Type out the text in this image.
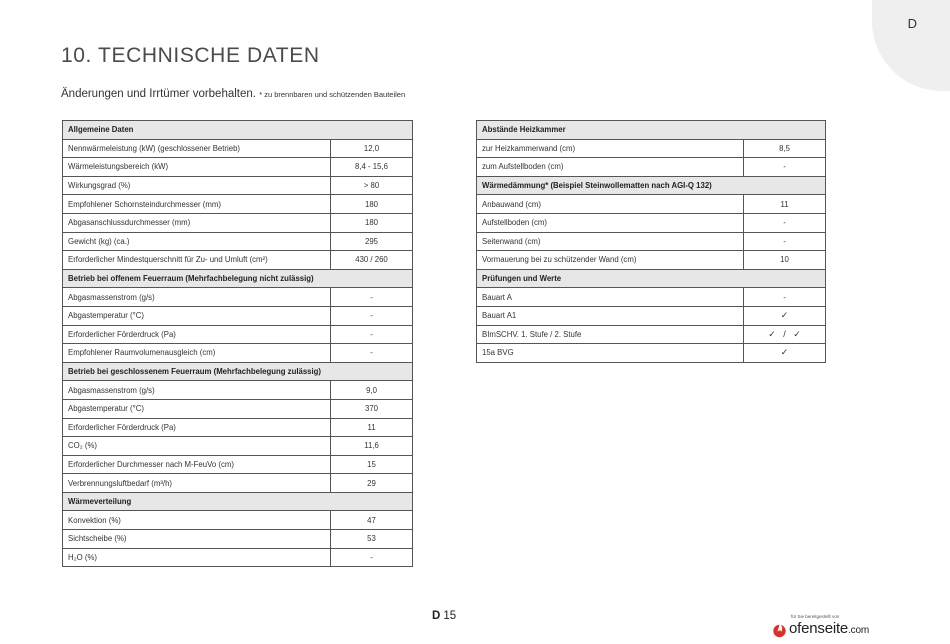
D
10. TECHNISCHE DATEN
Änderungen und Irrtümer vorbehalten. * zu brennbaren und schützenden Bauteilen
Allgemeine Daten	
Nennwärmeleistung (kW) (geschlossener Betrieb)	12,0
Wärmeleistungsbereich (kW)	8,4 - 15,6
Wirkungsgrad (%)	> 80
Empfohlener Schornsteindurchmesser (mm)	180
Abgasanschlussdurchmesser (mm)	180
Gewicht (kg) (ca.)	295
Erforderlicher Mindestquerschnitt für Zu- und Umluft (cm²)	430 / 260
Betrieb bei offenem Feuerraum (Mehrfachbelegung nicht zulässig)	
Abgasmassenstrom (g/s)	-
Abgastemperatur (°C)	-
Erforderlicher Förderdruck (Pa)	-
Empfohlener Raumvolumenausgleich (cm)	-
Betrieb bei geschlossenem Feuerraum (Mehrfachbelegung zulässig)	
Abgasmassenstrom (g/s)	9,0
Abgastemperatur (°C)	370
Erforderlicher Förderdruck (Pa)	11
CO₂ (%)	11,6
Erforderlicher Durchmesser nach M-FeuVo (cm)	15
Verbrennungsluftbedarf (m³/h)	29
Wärmeverteilung	
Konvektion (%)	47
Sichtscheibe (%)	53
H₂O (%)	-
Abstände Heizkammer	
zur Heizkammerwand (cm)	8,5
zum Aufstellboden (cm)	-
Wärmedämmung* (Beispiel Steinwollematten nach AGI-Q 132)	
Anbauwand (cm)	11
Aufstellboden (cm)	-
Seitenwand (cm)	-
Vormauerung bei zu schützender Wand (cm)	10
Prüfungen und Werte	
Bauart A	-
Bauart A1	✓
BImSCHV. 1. Stufe / 2. Stufe	✓   /   ✓
15a BVG	✓
D 15	für Sie bereitgestellt von
ofenseite.com
